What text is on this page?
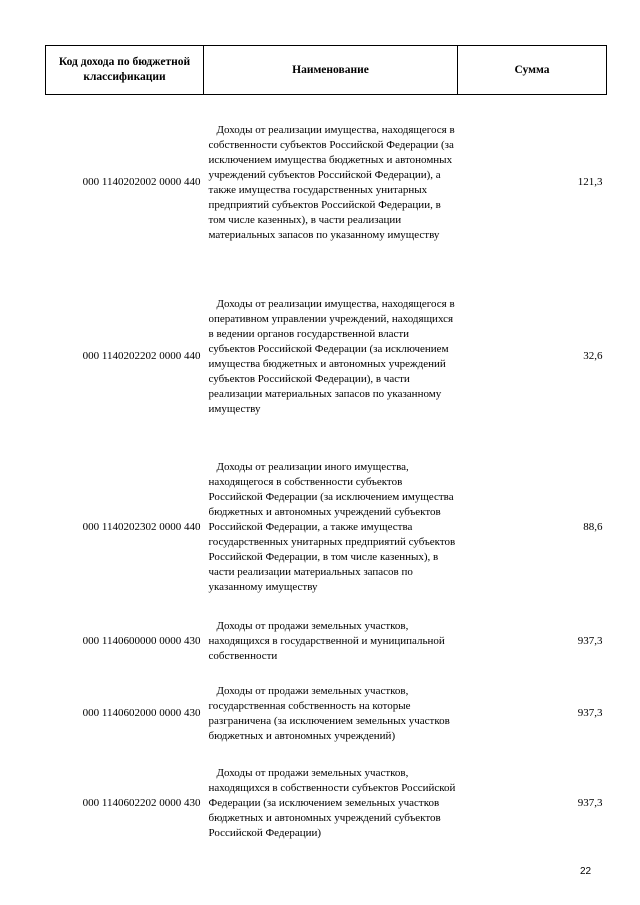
Код дохода по бюджетной классификации	Наименование	Сумма
000 1140202002 0000 440	Доходы от реализации имущества, находящегося в собственности субъектов Российской Федерации (за исключением имущества бюджетных и автономных учреждений субъектов Российской Федерации), а также имущества государственных унитарных предприятий субъектов Российской Федерации, в том числе казенных), в части реализации материальных запасов по указанному имуществу	121,3
000 1140202202 0000 440	Доходы от реализации имущества, находящегося в оперативном управлении учреждений, находящихся в ведении органов государственной власти субъектов Российской Федерации (за исключением имущества бюджетных и автономных учреждений субъектов Российской Федерации), в части реализации материальных запасов по указанному имуществу	32,6
000 1140202302 0000 440	Доходы от реализации иного имущества, находящегося в собственности субъектов Российской Федерации (за исключением имущества бюджетных и автономных учреждений субъектов Российской Федерации, а также имущества государственных унитарных предприятий субъектов Российской Федерации, в том числе казенных), в части реализации материальных запасов по указанному имуществу	88,6
000 1140600000 0000 430	Доходы от продажи земельных участков, находящихся в государственной и муниципальной собственности	937,3
000 1140602000 0000 430	Доходы от продажи земельных участков, государственная собственность на которые разграничена (за исключением земельных участков бюджетных и автономных учреждений)	937,3
000 1140602202 0000 430	Доходы от продажи земельных участков, находящихся в собственности субъектов Российской Федерации (за исключением земельных участков бюджетных и автономных учреждений субъектов Российской Федерации)	937,3
22
